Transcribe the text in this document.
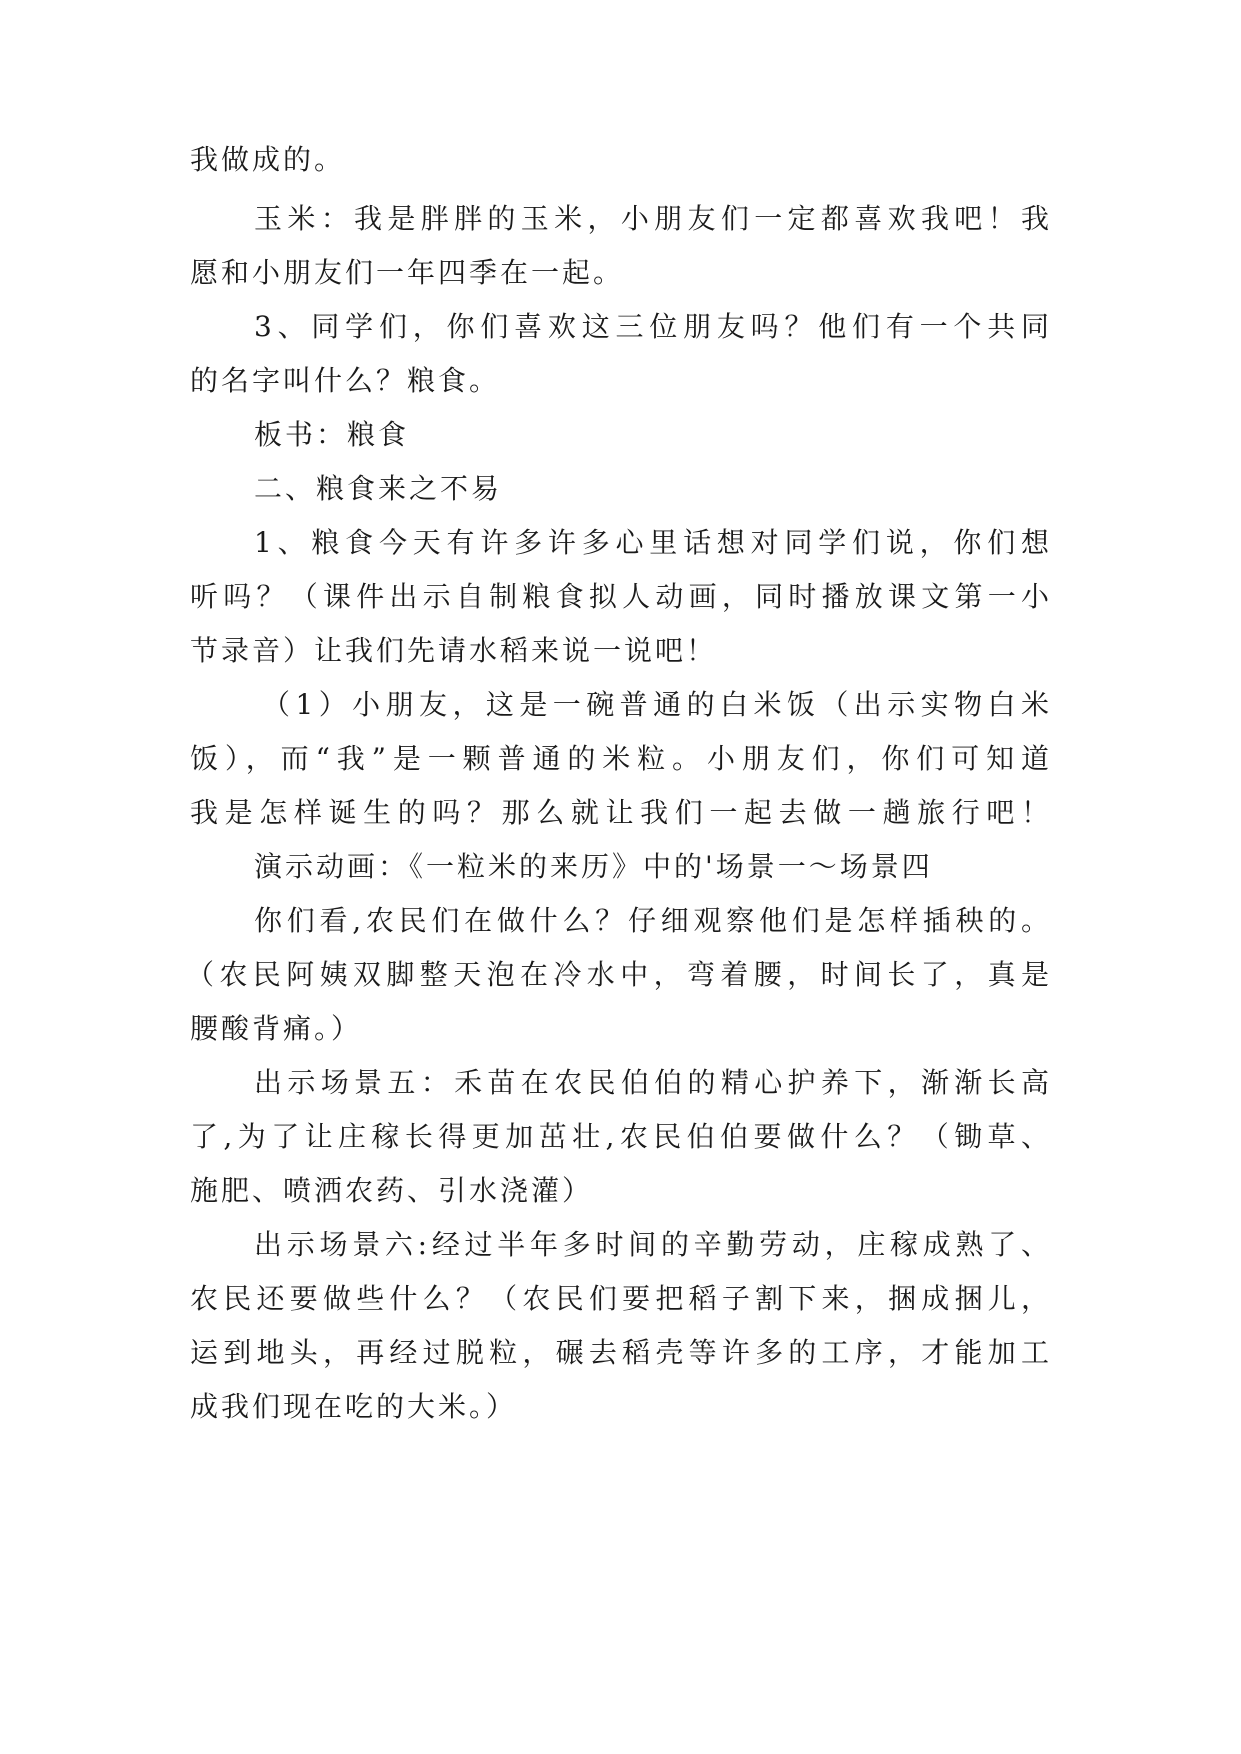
我做成的。

玉米：我是胖胖的玉米，小朋友们一定都喜欢我吧！我

愿和小朋友们一年四季在一起。

3、同学们，你们喜欢这三位朋友吗？他们有一个共同

的名字叫什么？粮食。

板书：粮食

二、粮食来之不易

1、粮食今天有许多许多心里话想对同学们说，你们想

听吗？（课件出示自制粮食拟人动画，同时播放课文第一小

节录音）让我们先请水稻来说一说吧！

（1）小朋友，这是一碗普通的白米饭（出示实物白米

饭），而“我”是一颗普通的米粒。小朋友们，你们可知道

我是怎样诞生的吗？那么就让我们一起去做一趟旅行吧！

演示动画：《一粒米的来历》中的'场景一～场景四

你们看,农民们在做什么？仔细观察他们是怎样插秧的。

（农民阿姨双脚整天泡在冷水中，弯着腰，时间长了，真是

腰酸背痛。）

出示场景五：禾苗在农民伯伯的精心护养下，渐渐长高

了,为了让庄稼长得更加茁壮,农民伯伯要做什么？（锄草、

施肥、喷洒农药、引水浇灌）

出示场景六:经过半年多时间的辛勤劳动，庄稼成熟了、

农民还要做些什么？（农民们要把稻子割下来，捆成捆儿，

运到地头，再经过脱粒，碾去稻壳等许多的工序，才能加工

成我们现在吃的大米。）
